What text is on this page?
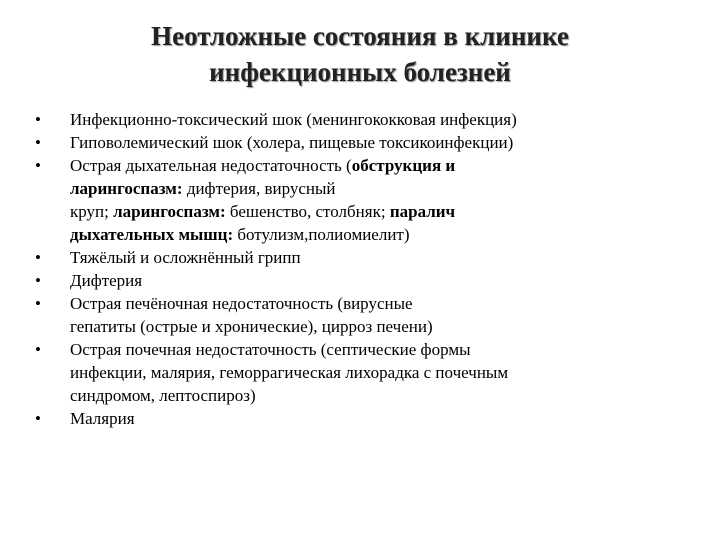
Неотложные состояния в клинике
инфекционных болезней
•	Инфекционно-токсический шок (менингококковая инфекция)
•	Гиповолемический шок (холера, пищевые токсикоинфекции)
•	Острая дыхательная недостаточность (обструкция и
ларингоспазм: дифтерия, вирусный
круп; ларингоспазм: бешенство, столбняк; паралич
дыхательных мышц: ботулизм,полиомиелит)
•	Тяжёлый и осложнённый грипп
•	Дифтерия
•	Острая печёночная недостаточность (вирусные
гепатиты (острые и хронические), цирроз печени)
•	Острая почечная недостаточность (септические формы
инфекции, малярия, геморрагическая лихорадка с почечным
синдромом, лептоспироз)
•	Малярия
